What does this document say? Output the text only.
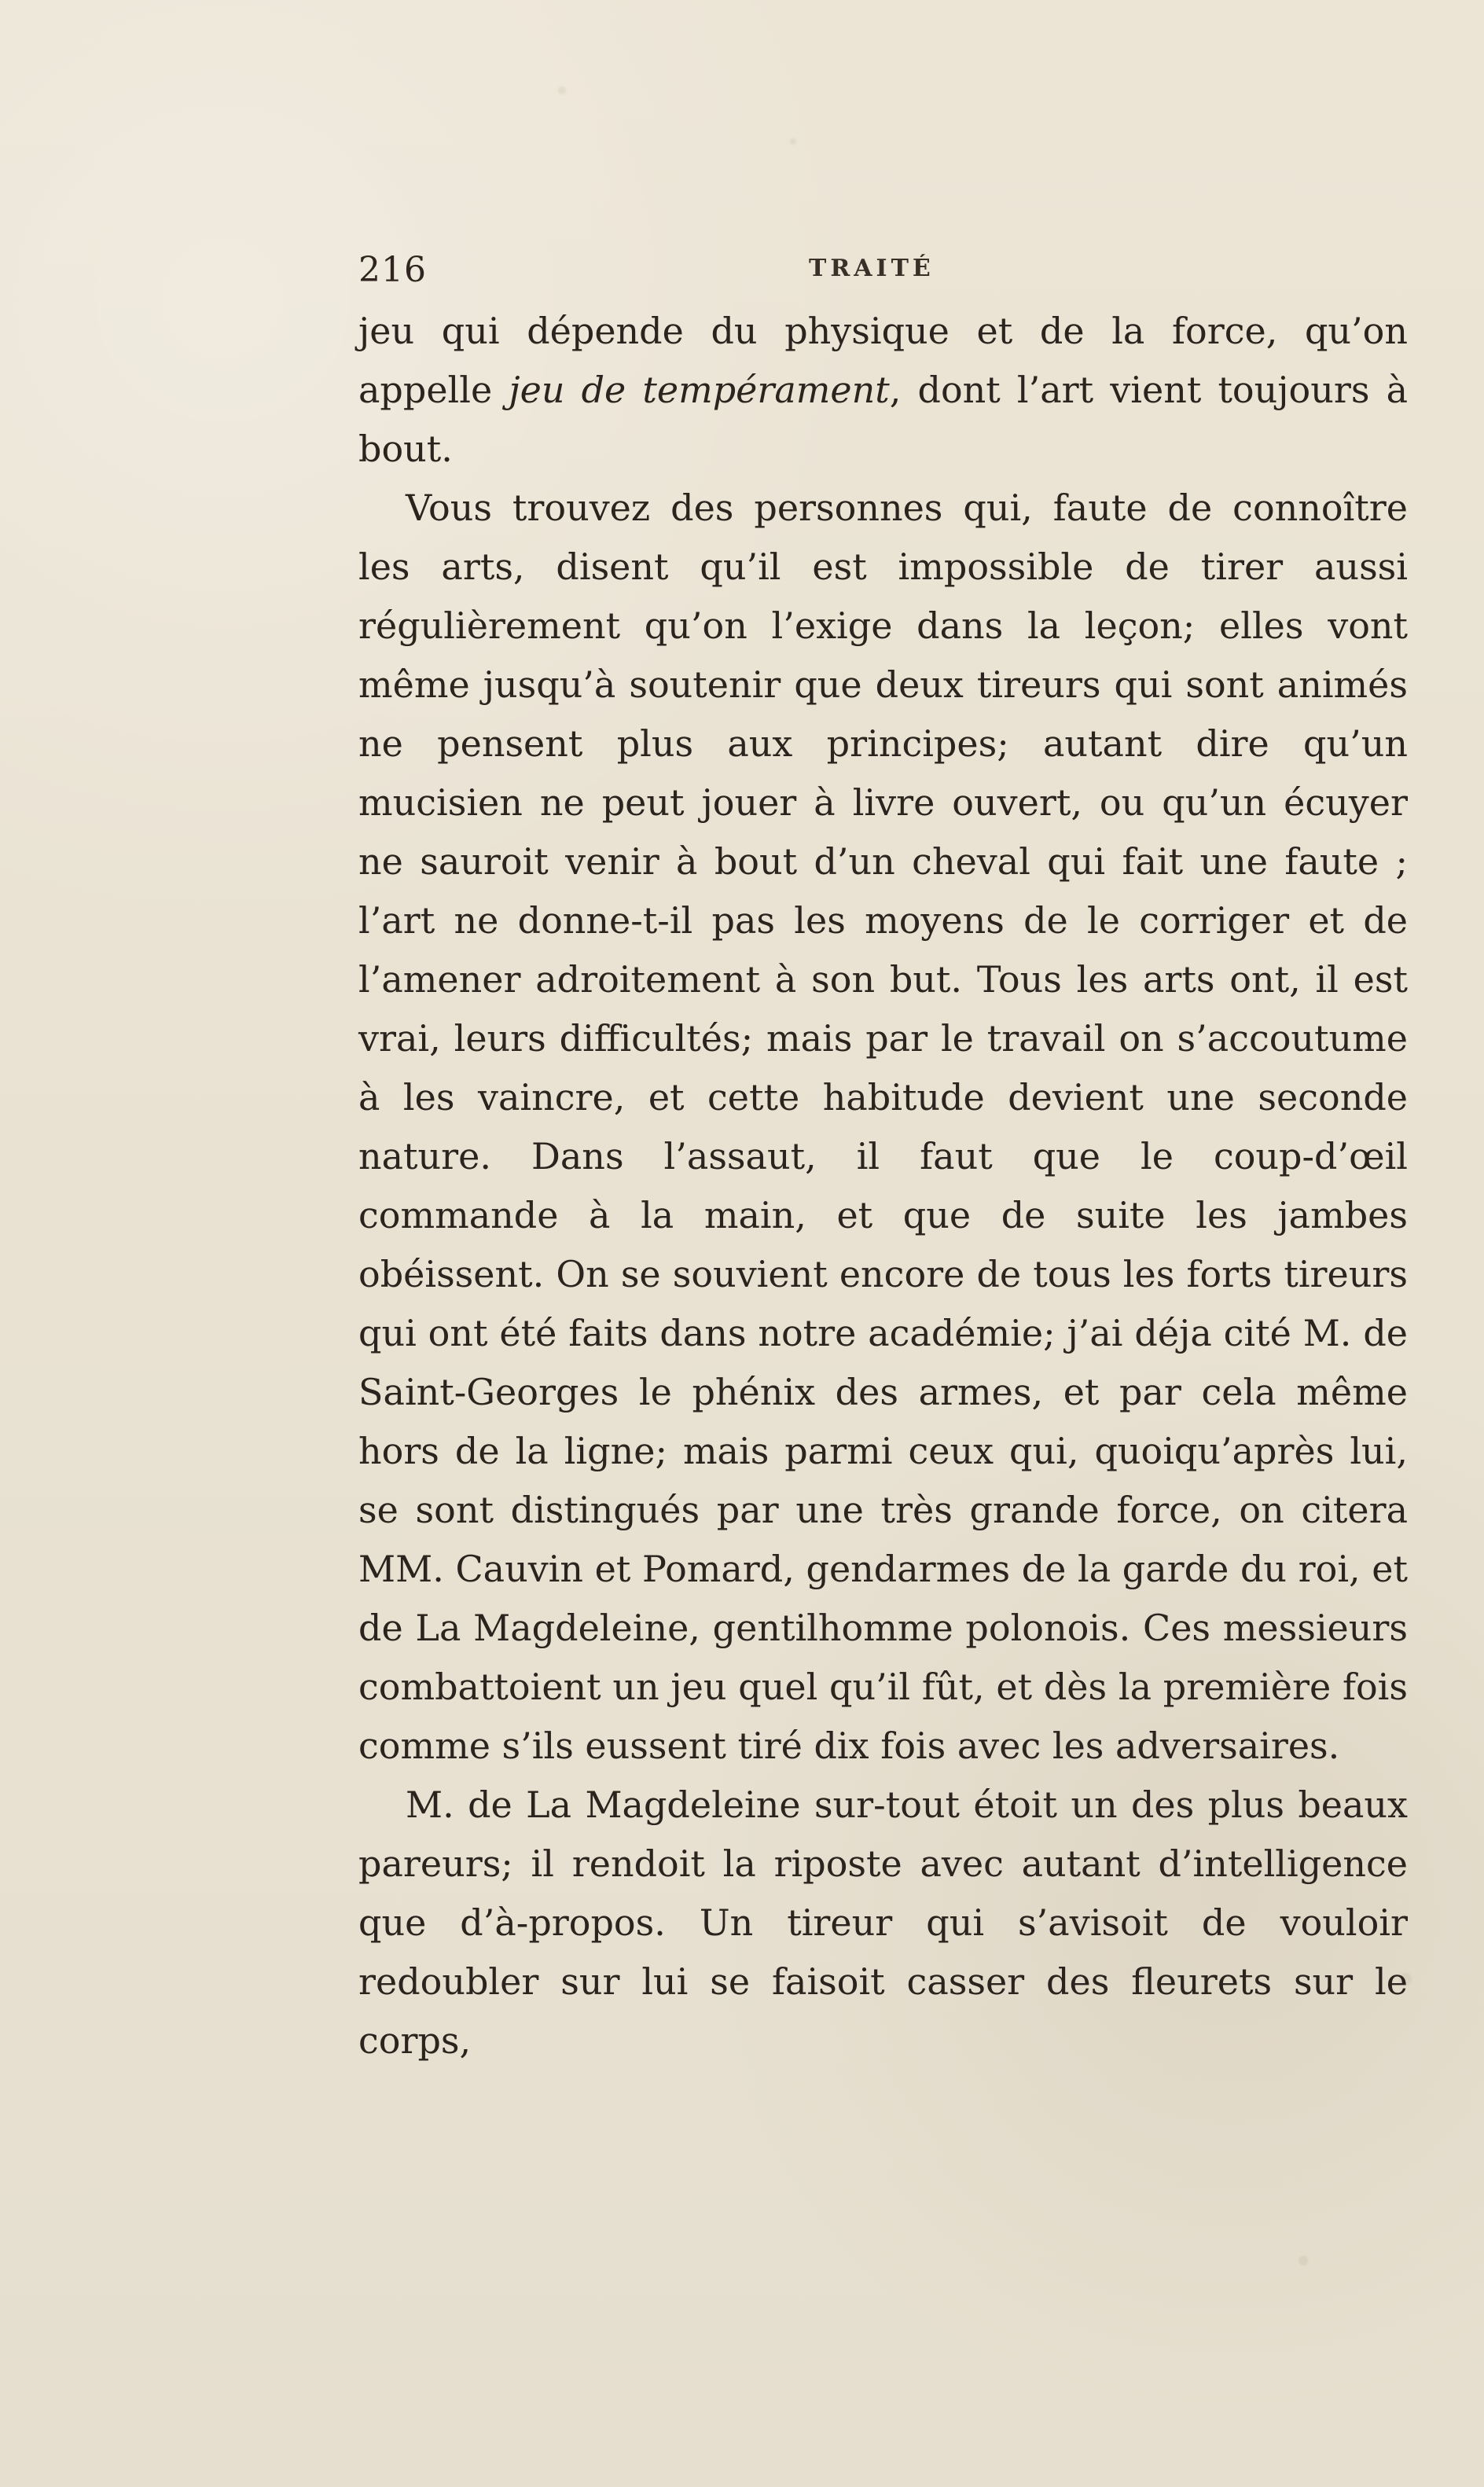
216	TRAITÉ

jeu qui dépende du physique et de la force, qu’on appelle jeu de tempérament, dont l’art vient toujours à bout.

Vous trouvez des personnes qui, faute de connoître les arts, disent qu’il est impossible de tirer aussi régulièrement qu’on l’exige dans la leçon; elles vont même jusqu’à soutenir que deux tireurs qui sont animés ne pensent plus aux principes; autant dire qu’un mucisien ne peut jouer à livre ouvert, ou qu’un écuyer ne sauroit venir à bout d’un cheval qui fait une faute ; l’art ne donne-t-il pas les moyens de le corriger et de l’amener adroitement à son but. Tous les arts ont, il est vrai, leurs difficultés; mais par le travail on s’accoutume à les vaincre, et cette habitude devient une seconde nature. Dans l’assaut, il faut que le coup-d’œil commande à la main, et que de suite les jambes obéissent. On se souvient encore de tous les forts tireurs qui ont été faits dans notre académie; j’ai déja cité M. de Saint-Georges le phénix des armes, et par cela même hors de la ligne; mais parmi ceux qui, quoiqu’après lui, se sont distingués par une très grande force, on citera MM. Cauvin et Pomard, gendarmes de la garde du roi, et de La Magdeleine, gentilhomme polonois. Ces messieurs combattoient un jeu quel qu’il fût, et dès la première fois comme s’ils eussent tiré dix fois avec les adversaires.

M. de La Magdeleine sur-tout étoit un des plus beaux pareurs; il rendoit la riposte avec autant d’intelligence que d’à-propos. Un tireur qui s’avisoit de vouloir redoubler sur lui se faisoit casser des fleurets sur le corps,
